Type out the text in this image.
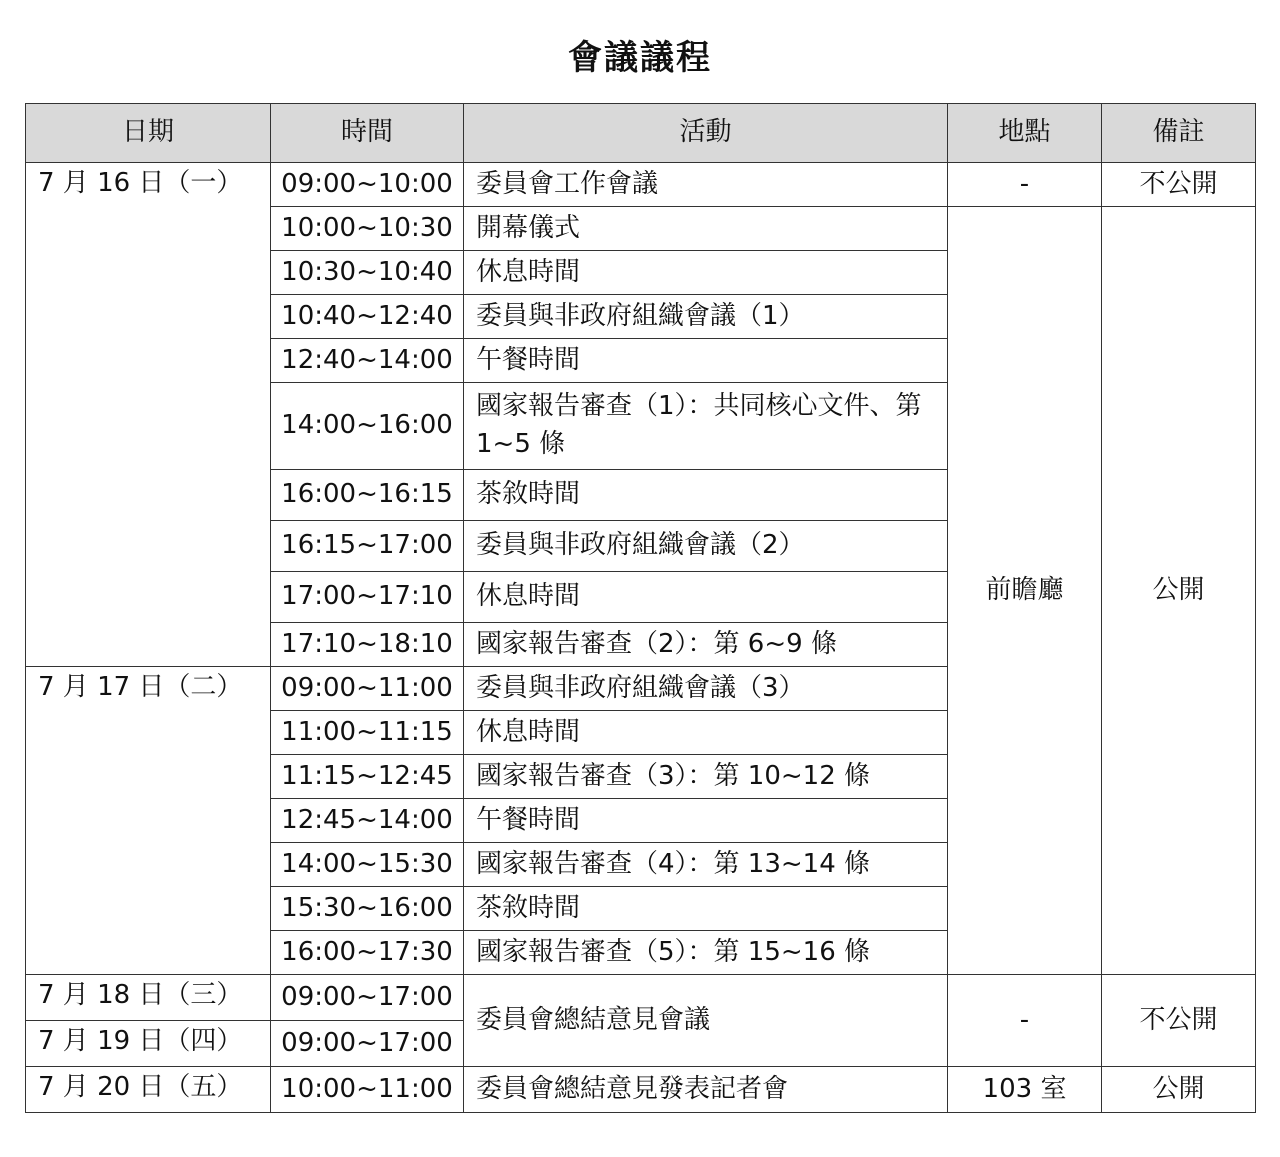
會議議程
日期	時間	活動	地點	備註
7 月 16 日（一）	09:00~10:00	委員會工作會議	-	不公開
	10:00~10:30	開幕儀式	前瞻廳	公開
	10:30~10:40	休息時間		
	10:40~12:40	委員與非政府組織會議（1）		
	12:40~14:00	午餐時間		
	14:00~16:00	國家報告審查（1）：共同核心文件、第 1~5 條		
	16:00~16:15	茶敘時間		
	16:15~17:00	委員與非政府組織會議（2）		
	17:00~17:10	休息時間		
	17:10~18:10	國家報告審查（2）：第 6~9 條		
7 月 17 日（二）	09:00~11:00	委員與非政府組織會議（3）		
	11:00~11:15	休息時間		
	11:15~12:45	國家報告審查（3）：第 10~12 條		
	12:45~14:00	午餐時間		
	14:00~15:30	國家報告審查（4）：第 13~14 條		
	15:30~16:00	茶敘時間		
	16:00~17:30	國家報告審查（5）：第 15~16 條		
7 月 18 日（三）	09:00~17:00	委員會總結意見會議	-	不公開
7 月 19 日（四）	09:00~17:00			
7 月 20 日（五）	10:00~11:00	委員會總結意見發表記者會	103 室	公開
